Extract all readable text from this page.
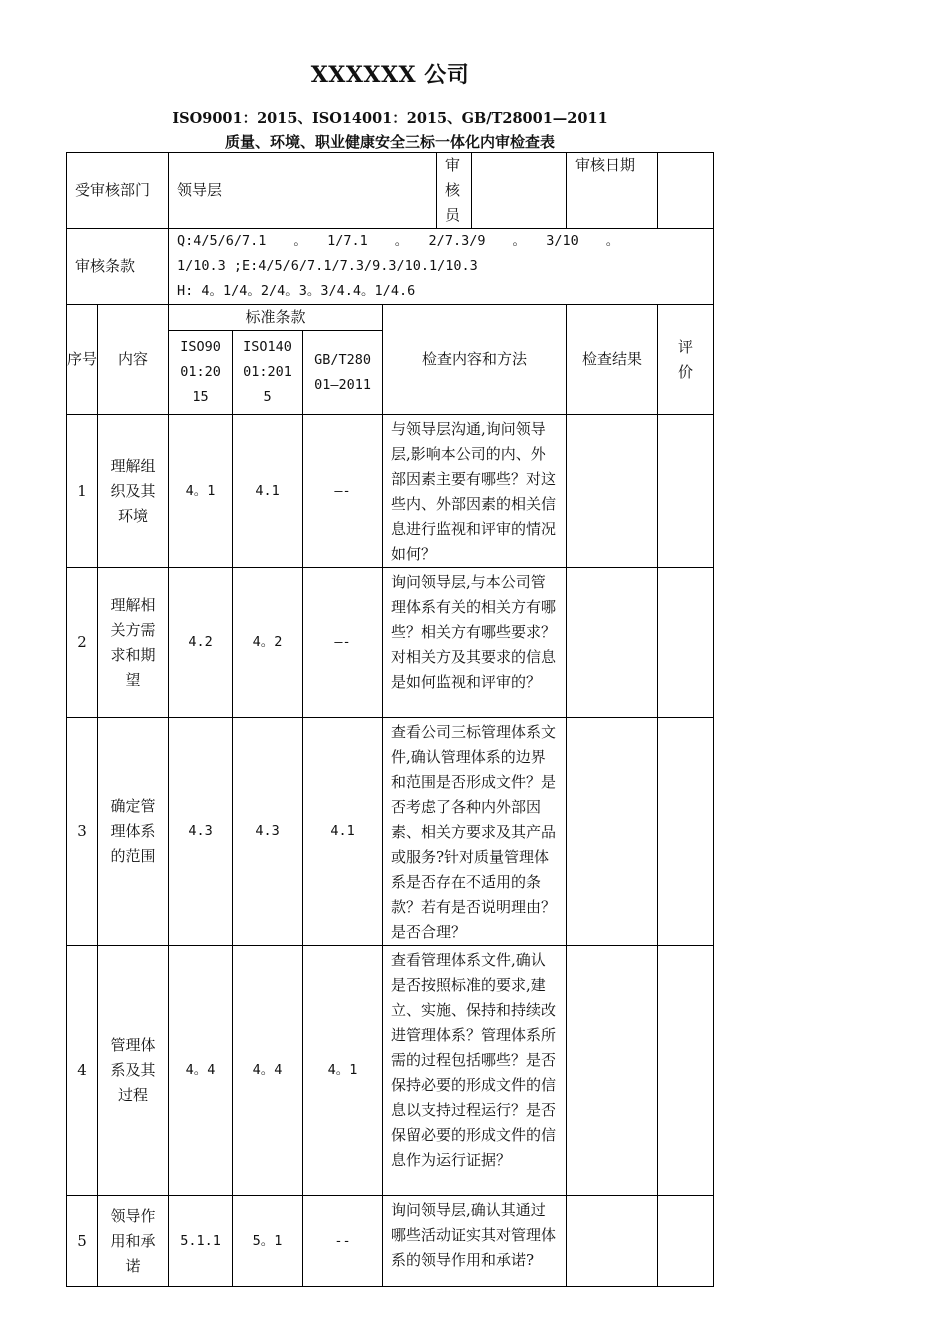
XXXXXX 公司
ISO9001：2015、ISO14001：2015、GB/T28001—2011
质量、环境、职业健康安全三标一体化内审检查表
受审核部门		领导层				审核员		审核日期	
审核条款		Q:4/5/6/7.1　　。　　1/7.1　　。　　2/7.3/9　　。　　3/10　　。
1/10.3 ;E:4/5/6/7.1/7.3/9.3/10.1/10.3
H: 4。1/4。2/4。3。3/4.4。1/4.6							

序号	内容	标准条款			检查内容和方法			检查结果	评价
		ISO9001:2015	ISO14001:2015	GB/T28001—2011					
1	理解组织及其环境	4。1	4.1	—-	与领导层沟通,询问领导层,影响本公司的内、外部因素主要有哪些？对这些内、外部因素的相关信息进行监视和评审的情况如何？				
2	理解相关方需求和期望	4.2	4。2	—-	询问领导层,与本公司管理体系有关的相关方有哪些？相关方有哪些要求？对相关方及其要求的信息是如何监视和评审的？				
3	确定管理体系的范围	4.3	4.3	4.1	查看公司三标管理体系文件,确认管理体系的边界和范围是否形成文件？是否考虑了各种内外部因素、相关方要求及其产品或服务?针对质量管理体系是否存在不适用的条款？若有是否说明理由？是否合理？				
4	管理体系及其过程	4。4	4。4	4。1	查看管理体系文件,确认是否按照标准的要求,建立、实施、保持和持续改进管理体系？管理体系所需的过程包括哪些？是否保持必要的形成文件的信息以支持过程运行？是否保留必要的形成文件的信息作为运行证据？				
5	领导作用和承诺	5.1.1	5。1	--	询问领导层,确认其通过哪些活动证实其对管理体系的领导作用和承诺?				
